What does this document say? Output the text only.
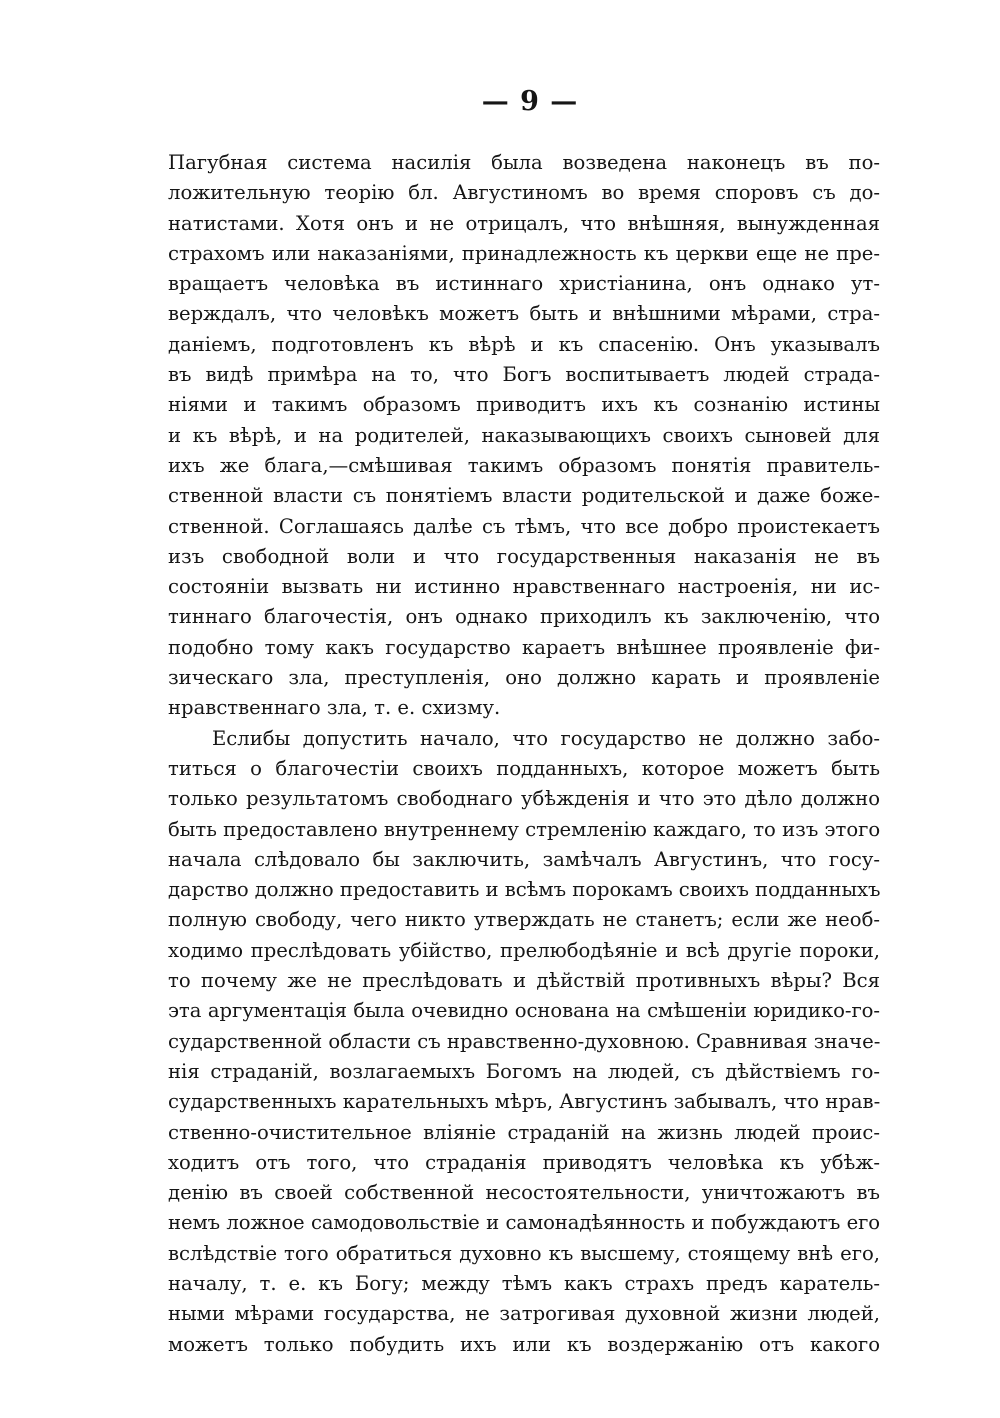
— 9 —
Пагубная система насилія была возведена наконецъ въ по-
ложительную теорію бл. Августиномъ во время споровъ съ до-
натистами. Хотя онъ и не отрицалъ, что внѣшняя, вынужденная
страхомъ или наказаніями, принадлежность къ церкви еще не пре-
вращаетъ человѣка въ истиннаго христіанина, онъ однако ут-
верждалъ, что человѣкъ можетъ быть и внѣшними мѣрами, стра-
даніемъ, подготовленъ къ вѣрѣ и къ спасенію. Онъ указывалъ
въ видѣ примѣра на то, что Богъ воспитываетъ людей страда-
ніями и такимъ образомъ приводитъ ихъ къ сознанію истины
и къ вѣрѣ, и на родителей, наказывающихъ своихъ сыновей для
ихъ же блага,—смѣшивая такимъ образомъ понятія правитель-
ственной власти съ понятіемъ власти родительской и даже боже-
ственной. Соглашаясь далѣе съ тѣмъ, что все добро проистекаетъ
изъ свободной воли и что государственныя наказанія не въ
состояніи вызвать ни истинно нравственнаго настроенія, ни ис-
тиннаго благочестія, онъ однако приходилъ къ заключенію, что
подобно тому какъ государство караетъ внѣшнее проявленіе фи-
зическаго зла, преступленія, оно должно карать и проявленіе
нравственнаго зла, т. е. схизму.
Еслибы допустить начало, что государство не должно забо-
титься о благочестіи своихъ подданныхъ, которое можетъ быть
только результатомъ свободнаго убѣжденія и что это дѣло должно
быть предоставлено внутреннему стремленію каждаго, то изъ этого
начала слѣдовало бы заключить, замѣчалъ Августинъ, что госу-
дарство должно предоставить и всѣмъ порокамъ своихъ подданныхъ
полную свободу, чего никто утверждать не станетъ; если же необ-
ходимо преслѣдовать убійство, прелюбодѣяніе и всѣ другіе пороки,
то почему же не преслѣдовать и дѣйствій противныхъ вѣры? Вся
эта аргументація была очевидно основана на смѣшеніи юридико-го-
сударственной области съ нравственно-духовною. Сравнивая значе-
нія страданій, возлагаемыхъ Богомъ на людей, съ дѣйствіемъ го-
сударственныхъ карательныхъ мѣръ, Августинъ забывалъ, что нрав-
ственно-очистительное вліяніе страданій на жизнь людей проис-
ходитъ отъ того, что страданія приводятъ человѣка къ убѣж-
денію въ своей собственной несостоятельности, уничтожаютъ въ
немъ ложное самодовольствіе и самонадѣянность и побуждаютъ его
вслѣдствіе того обратиться духовно къ высшему, стоящему внѣ его,
началу, т. е. къ Богу; между тѣмъ какъ страхъ предъ каратель-
ными мѣрами государства, не затрогивая духовной жизни людей,
можетъ только побудить ихъ или къ воздержанію отъ какого
